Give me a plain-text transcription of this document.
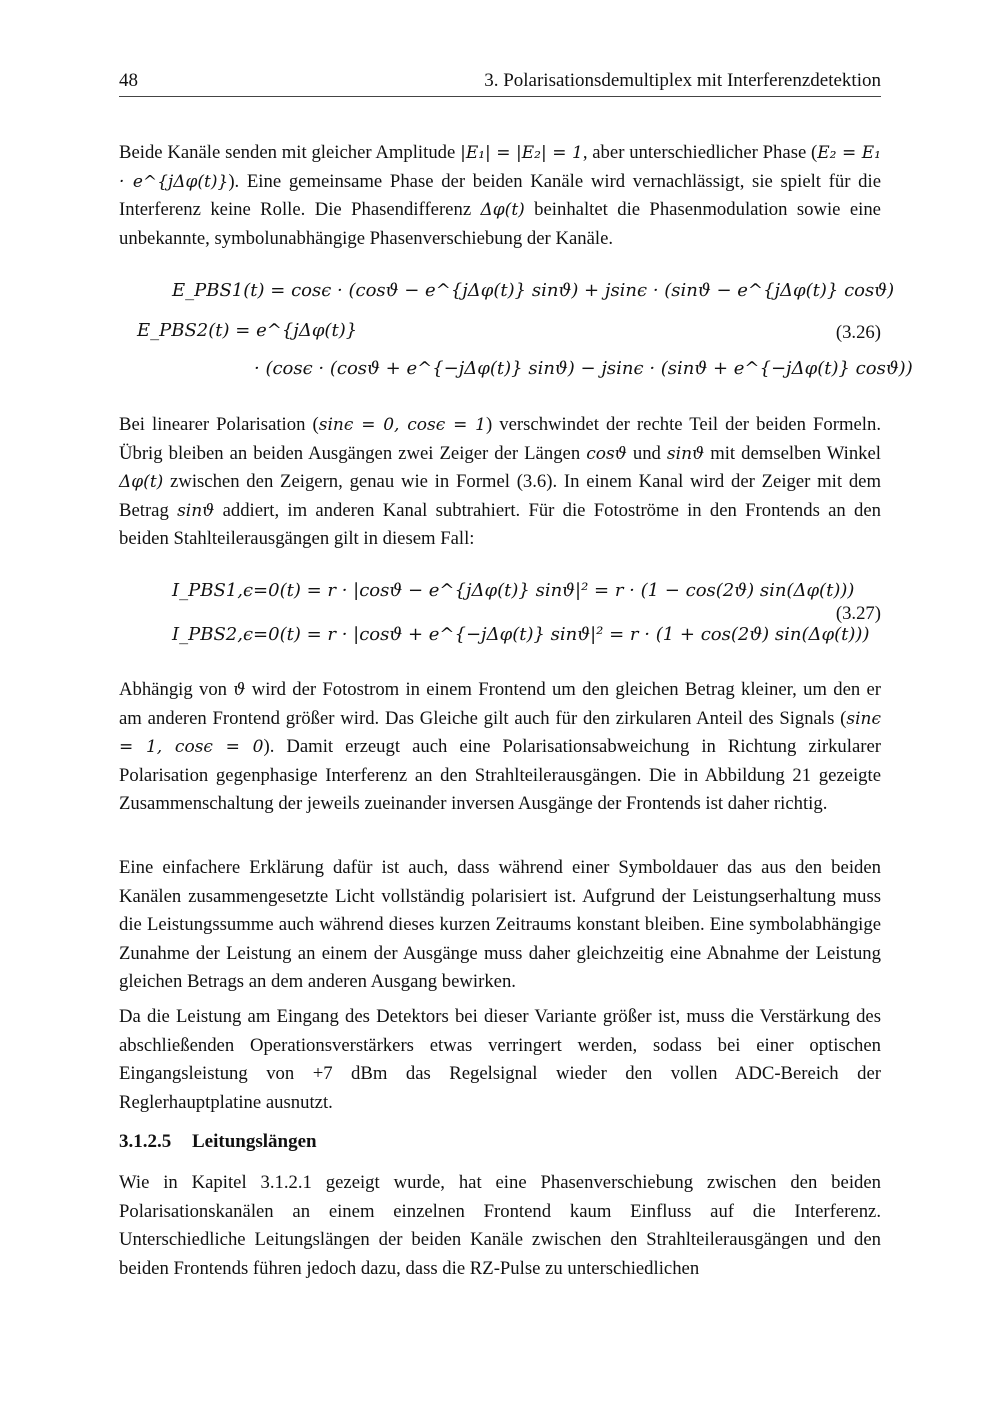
48	3. Polarisationsdemultiplex mit Interferenzdetektion

Beide Kanäle senden mit gleicher Amplitude |E₁| = |E₂| = 1, aber unterschiedlicher Phase (E₂ = E₁ · e^{jΔφ(t)}). Eine gemeinsame Phase der beiden Kanäle wird vernachlässigt, sie spielt für die Interferenz keine Rolle. Die Phasendifferenz Δφ(t) beinhaltet die Phasenmodulation sowie eine unbekannte, symbolunabhängige Phasenverschiebung der Kanäle.

E_PBS1(t) = cosϵ · (cosϑ − e^{jΔφ(t)} sinϑ) + jsinϵ · (sinϑ − e^{jΔφ(t)} cosϑ)
E_PBS2(t) = e^{jΔφ(t)}
· (cosϵ · (cosϑ + e^{−jΔφ(t)} sinϑ) − jsinϵ · (sinϑ + e^{−jΔφ(t)} cosϑ))
(3.26)

Bei linearer Polarisation (sinϵ = 0, cosϵ = 1) verschwindet der rechte Teil der beiden Formeln. Übrig bleiben an beiden Ausgängen zwei Zeiger der Längen cosϑ und sinϑ mit demselben Winkel Δφ(t) zwischen den Zeigern, genau wie in Formel (3.6). In einem Kanal wird der Zeiger mit dem Betrag sinϑ addiert, im anderen Kanal subtrahiert. Für die Fotoströme in den Frontends an den beiden Stahlteilerausgängen gilt in diesem Fall:

I_PBS1,ϵ=0(t) = r · |cosϑ − e^{jΔφ(t)} sinϑ|² = r · (1 − cos(2ϑ) sin(Δφ(t)))
I_PBS2,ϵ=0(t) = r · |cosϑ + e^{−jΔφ(t)} sinϑ|² = r · (1 + cos(2ϑ) sin(Δφ(t)))
(3.27)

Abhängig von ϑ wird der Fotostrom in einem Frontend um den gleichen Betrag kleiner, um den er am anderen Frontend größer wird. Das Gleiche gilt auch für den zirkularen Anteil des Signals (sinϵ = 1, cosϵ = 0). Damit erzeugt auch eine Polarisationsabweichung in Richtung zirkularer Polarisation gegenphasige Interferenz an den Strahlteilerausgängen. Die in Abbildung 21 gezeigte Zusammenschaltung der jeweils zueinander inversen Ausgänge der Frontends ist daher richtig.

Eine einfachere Erklärung dafür ist auch, dass während einer Symboldauer das aus den beiden Kanälen zusammengesetzte Licht vollständig polarisiert ist. Aufgrund der Leistungserhaltung muss die Leistungssumme auch während dieses kurzen Zeitraums konstant bleiben. Eine symbolabhängige Zunahme der Leistung an einem der Ausgänge muss daher gleichzeitig eine Abnahme der Leistung gleichen Betrags an dem anderen Ausgang bewirken.

Da die Leistung am Eingang des Detektors bei dieser Variante größer ist, muss die Verstärkung des abschließenden Operationsverstärkers etwas verringert werden, sodass bei einer optischen Eingangsleistung von +7 dBm das Regelsignal wieder den vollen ADC-Bereich der Reglerhauptplatine ausnutzt.

3.1.2.5 Leitungslängen

Wie in Kapitel 3.1.2.1 gezeigt wurde, hat eine Phasenverschiebung zwischen den beiden Polarisationskanälen an einem einzelnen Frontend kaum Einfluss auf die Interferenz. Unterschiedliche Leitungslängen der beiden Kanäle zwischen den Strahlteilerausgängen und den beiden Frontends führen jedoch dazu, dass die RZ-Pulse zu unterschiedlichen
